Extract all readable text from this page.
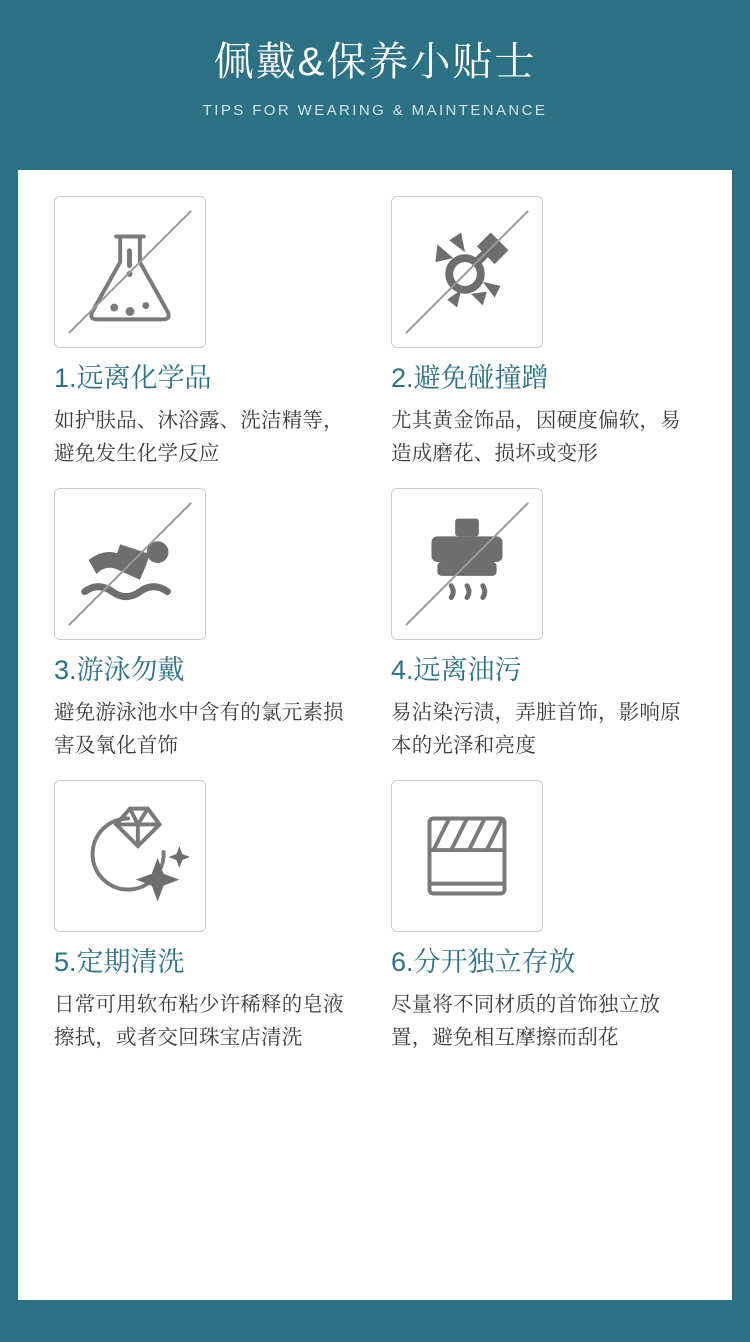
佩戴&保养小贴士
TIPS FOR WEARING & MAINTENANCE
1.远离化学品
如护肤品、沐浴露、洗洁精等，避免发生化学反应
2.避免碰撞蹭
尤其黄金饰品，因硬度偏软，易造成磨花、损坏或变形
3.游泳勿戴
避免游泳池水中含有的氯元素损害及氧化首饰
4.远离油污
易沾染污渍，弄脏首饰，影响原本的光泽和亮度
5.定期清洗
日常可用软布粘少许稀释的皂液擦拭，或者交回珠宝店清洗
6.分开独立存放
尽量将不同材质的首饰独立放置，避免相互摩擦而刮花
